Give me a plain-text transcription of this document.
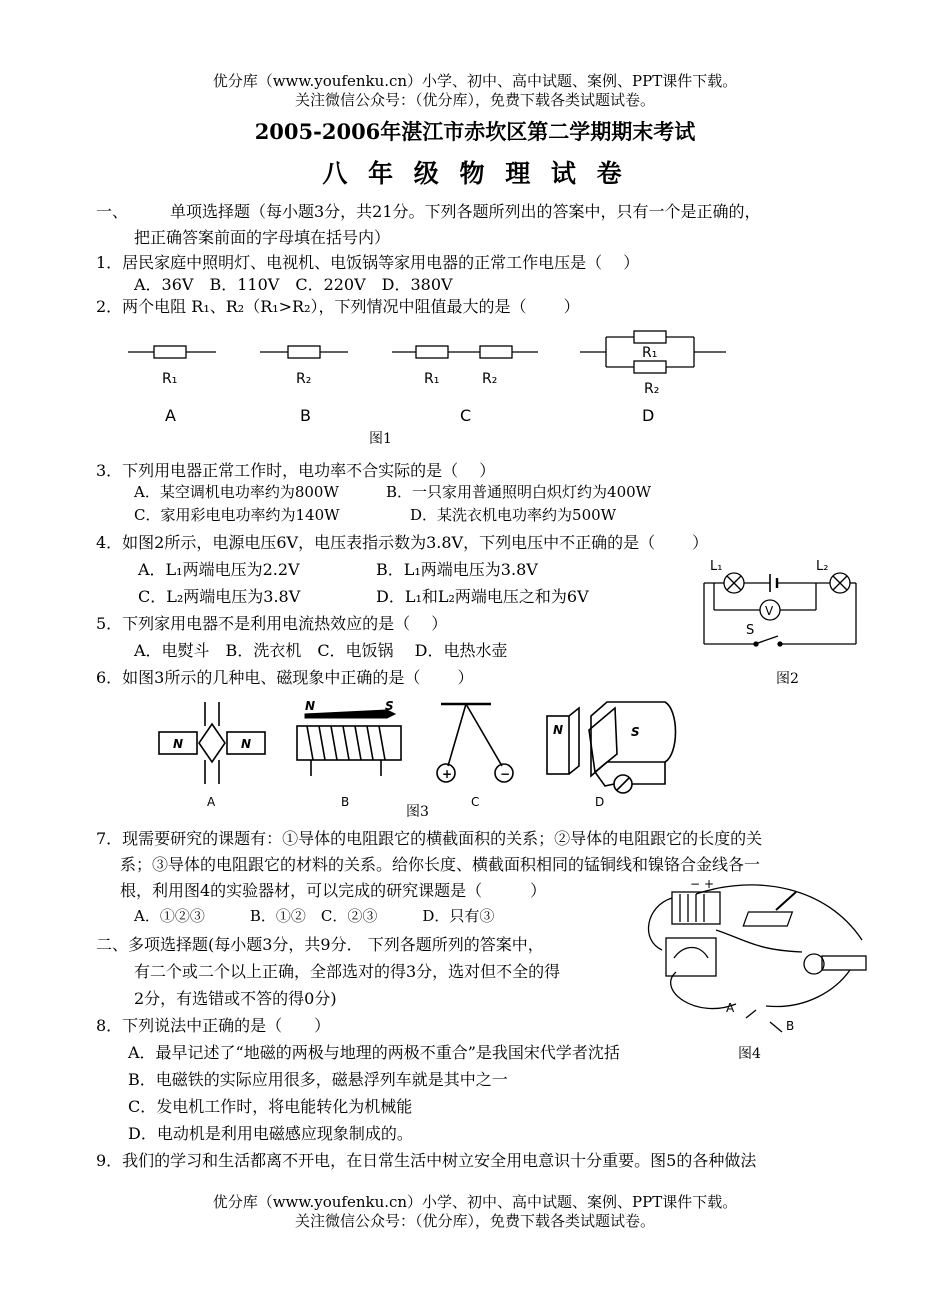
优分库（www.youfenku.cn）小学、初中、高中试题、案例、PPT课件下载。
关注微信公众号：（优分库），免费下载各类试题试卷。
2005-2006年湛江市赤坎区第二学期期末考试
八 年 级 物 理 试 卷
一、	单项选择题（每小题3分，共21分。下列各题所列出的答案中，只有一个是正确的，
把正确答案前面的字母填在括号内）
1．居民家庭中照明灯、电视机、电饭锅等家用电器的正常工作电压是（　 ）
A．36V　B．110V　C．220V　D．380V
2．两个电阻 R₁、R₂（R₁>R₂），下列情况中阻值最大的是（　　 ）
R₁	R₂	R₁	R₂
R₁
R₂
A	B	C	D
图1
3．下列用电器正常工作时，电功率不合实际的是（　 ）
A．某空调机电功率约为800W	B．一只家用普通照明白炽灯约为400W
C．家用彩电电功率约为140W	D．某洗衣机电功率约为500W
4．如图2所示，电源电压6V，电压表指示数为3.8V，下列电压中不正确的是（　　 ）
A．L₁两端电压为2.2V	B．L₁两端电压为3.8V
C．L₂两端电压为3.8V	D．L₁和L₂两端电压之和为6V
L₁	L₂
V
S
图2
5．下列家用电器不是利用电流热效应的是（　 ）
A．电熨斗　B．洗衣机　C．电饭锅　 D．电热水壶
6．如图3所示的几种电、磁现象中正确的是（　　 ）
N	N
N	S
+	−
N	S
A	B	C	D
图3
7．现需要研究的课题有：①导体的电阻跟它的横截面积的关系；②导体的电阻跟它的长度的关
系；③导体的电阻跟它的材料的关系。给你长度、横截面积相同的锰铜线和镍铬合金线各一
根，利用图4的实验器材，可以完成的研究课题是（　　　）
A．①②③　　　B．①②　C．②③　　　D．只有③
− +
A
B
图4
二、多项选择题(每小题3分，共9分． 下列各题所列的答案中，
有二个或二个以上正确，全部选对的得3分，选对但不全的得
2分，有选错或不答的得0分)
8．下列说法中正确的是（　　）
A．最早记述了“地磁的两极与地理的两极不重合”是我国宋代学者沈括
B．电磁铁的实际应用很多，磁悬浮列车就是其中之一
C．发电机工作时，将电能转化为机械能
D．电动机是利用电磁感应现象制成的。
9．我们的学习和生活都离不开电，在日常生活中树立安全用电意识十分重要。图5的各种做法
优分库（www.youfenku.cn）小学、初中、高中试题、案例、PPT课件下载。
关注微信公众号：（优分库），免费下载各类试题试卷。
